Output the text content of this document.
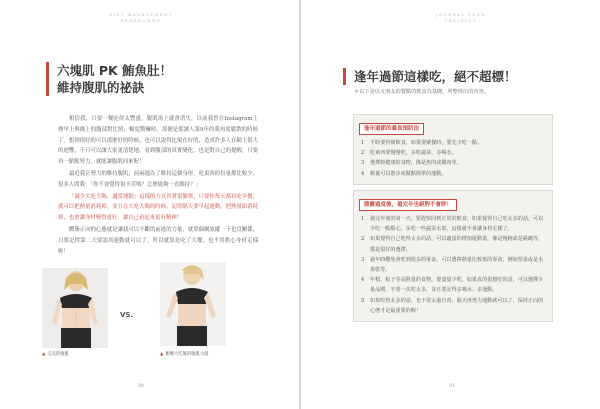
DIET MANAGEMENT PROGRAMME
六塊肌 PK 鮪魚肚！
維持腹肌的祕訣

相信我，只要一餐吃得太豐盛，腹肌馬上就會消失，以前我曾在Instagram上傳早上與晚上的腹部對比照，暢度驚嚇時，那便是那讀人第9年的我再度鬆散的時候了，想到很好的可以那麼好的時候，也可以說得比現在好的，造成許多人在網上很大的迴響，不只可以讓大家更清楚地，看到腹部的真實變化，也是對自己的提醒，只要再一點點努力，就能讓腹肌回來喔！

最近我正努力的維持腹肌，前兩週為了維持這個身形，吃東西的份量都比較少，很多人問我：「你不會覺得很辛苦嗎？怎麼能夠一直維持？」

「減少大吃大喝，適當運動」這樣的方式其實很簡單，只要你每天都有吃早餐，就可以把熱量消耗掉，並且在大吃大喝的時候，記得隔天要早起運動，把熱量給消耗掉，也會讓身材變得更好，讓自己看起來更有精神！

體脂正向的心態就是讓我可以不斷的前進的力量，就算偶爾放縱一下也沒關係，只要記得第二天要認真運動就可以了，所以就算是吃了大餐，也不用擔心身材走樣喔！

VS.
▲ 完美的腹肌	▲ 飽餐大吃後的腹肌大破
30
JOURNAL FOOD TRAINING
逢年過節這樣吃，絕不超標！
＊以下是以女朋友的餐點的飲食為基礎，所整理出的內容。
逢年過節的暴食預防法
1	平時要控制飲食，如果要聚餐時，要先少吃一點。
2	吃東西要慢慢吃，多吃蔬菜、多喝水。
3	選擇較健康的食物，像是魚肉或雞肉等。
4	飯後可以散步或做點簡單的運動。
節慶過度後，過完年也絕對不會胖！
1	過完年後的第一天，要趕快回到正常的飲食，如果覺得自己吃太多的話，可以少吃一點點心，多吃一些蔬菜水果，這樣就不會讓身材走樣了。
2	如果覺得自己吃得太多的話，可以適量的增加運動量，像是慢跑或是跳繩等，都是很好的選擇。
3	過年時難免會吃到很多的零食，可以選擇熱量比較低的零食，例如堅果或是水果乾等。
4	年糕、粽子等高熱量的食物，要盡量少吃，如果真的很想吃的話，可以選擇少量品嚐，不要一次吃太多，並且要記得多喝水、多運動。
5	如果吃得太多的話，也不要太過自責，隔天再努力運動就可以了，保持正向的心態才是最重要的喔！
31
